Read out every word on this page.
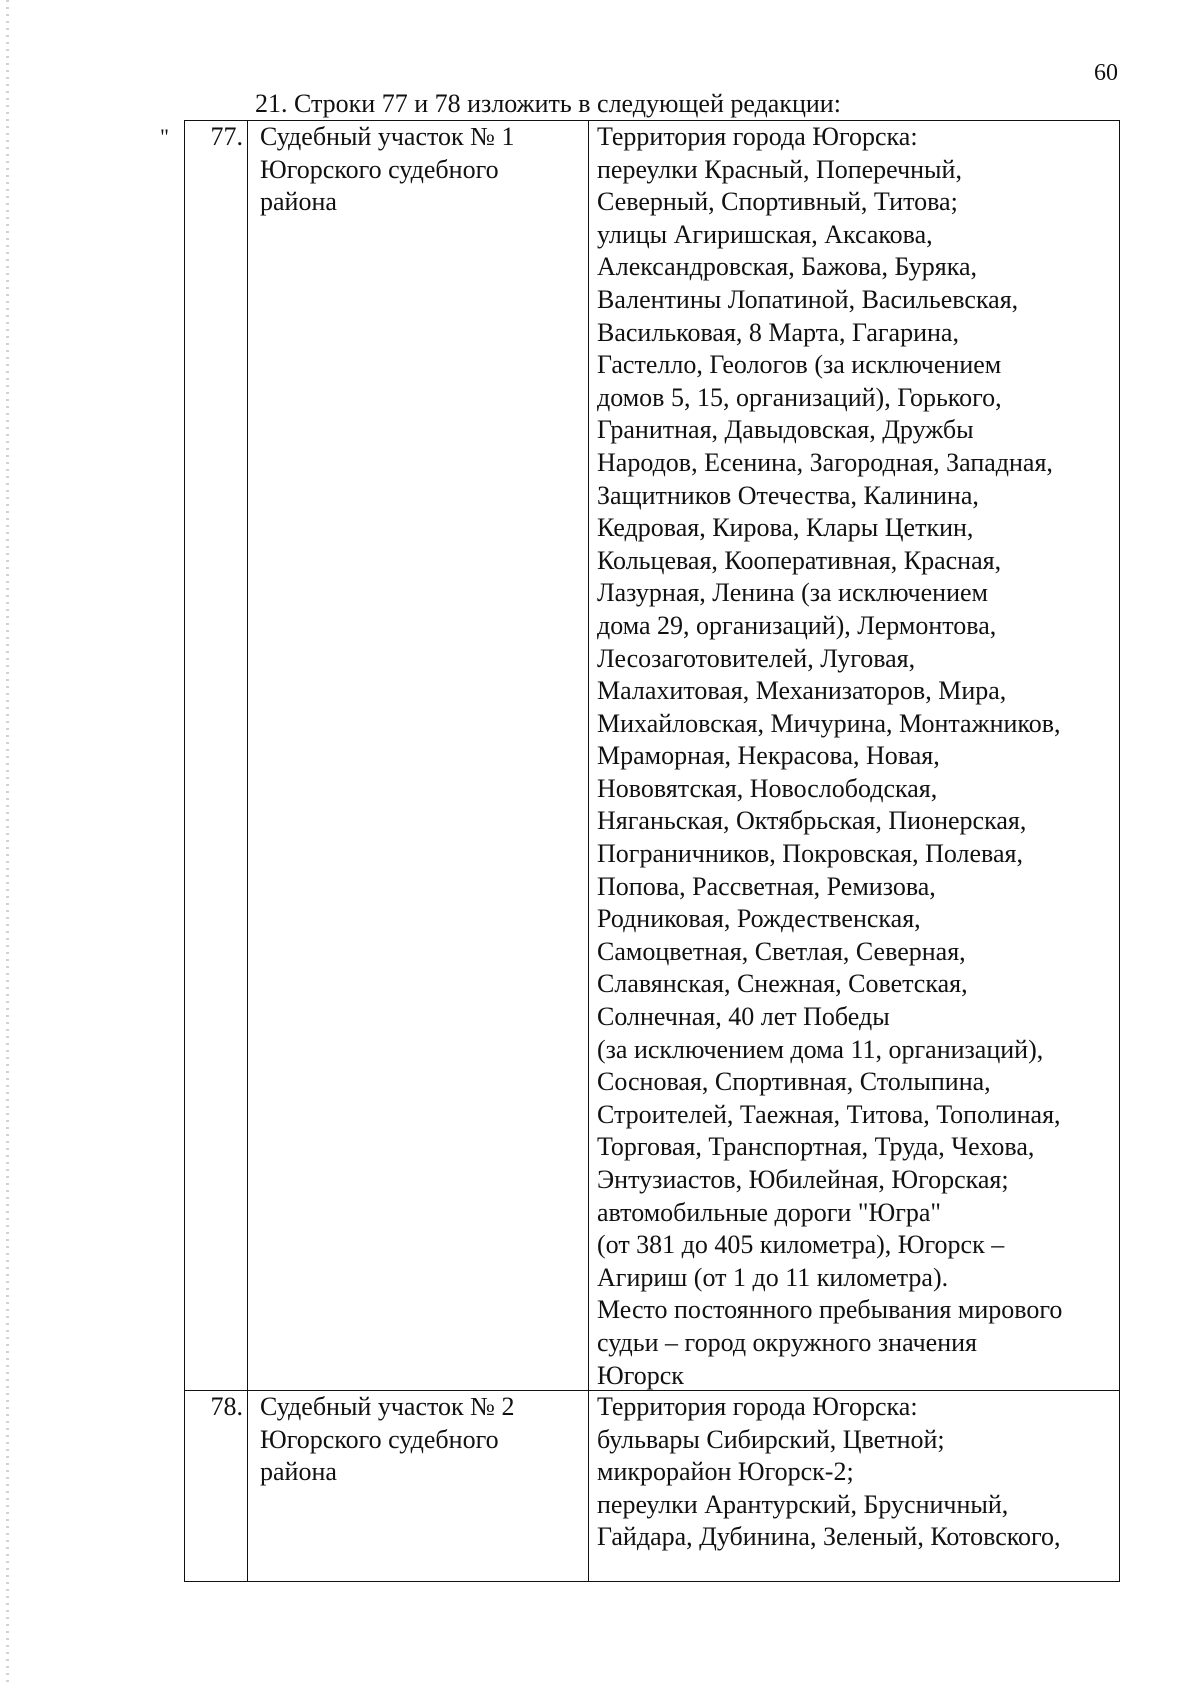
60
21. Строки 77 и 78 изложить в следующей редакции:
"	77. Судебный участок № 1
Югорского судебного
района
Территория города Югорска:
переулки Красный, Поперечный,
Северный, Спортивный, Титова;
улицы Агиришская, Аксакова,
Александровская, Бажова, Буряка,
Валентины Лопатиной, Васильевская,
Васильковая, 8 Марта, Гагарина,
Гастелло, Геологов (за исключением
домов 5, 15, организаций), Горького,
Гранитная, Давыдовская, Дружбы
Народов, Есенина, Загородная, Западная,
Защитников Отечества, Калинина,
Кедровая, Кирова, Клары Цеткин,
Кольцевая, Кооперативная, Красная,
Лазурная, Ленина (за исключением
дома 29, организаций), Лермонтова,
Лесозаготовителей, Луговая,
Малахитовая, Механизаторов, Мира,
Михайловская, Мичурина, Монтажников,
Мраморная, Некрасова, Новая,
Нововятская, Новослободская,
Няганьская, Октябрьская, Пионерская,
Пограничников, Покровская, Полевая,
Попова, Рассветная, Ремизова,
Родниковая, Рождественская,
Самоцветная, Светлая, Северная,
Славянская, Снежная, Советская,
Солнечная, 40 лет Победы
(за исключением дома 11, организаций),
Сосновая, Спортивная, Столыпина,
Строителей, Таежная, Титова, Тополиная,
Торговая, Транспортная, Труда, Чехова,
Энтузиастов, Юбилейная, Югорская;
автомобильные дороги "Югра"
(от 381 до 405 километра), Югорск –
Агириш (от 1 до 11 километра).
Место постоянного пребывания мирового
судьи – город окружного значения
Югорск
78. Судебный участок № 2
Югорского судебного
района
Территория города Югорска:
бульвары Сибирский, Цветной;
микрорайон Югорск-2;
переулки Арантурский, Брусничный,
Гайдара, Дубинина, Зеленый, Котовского,
